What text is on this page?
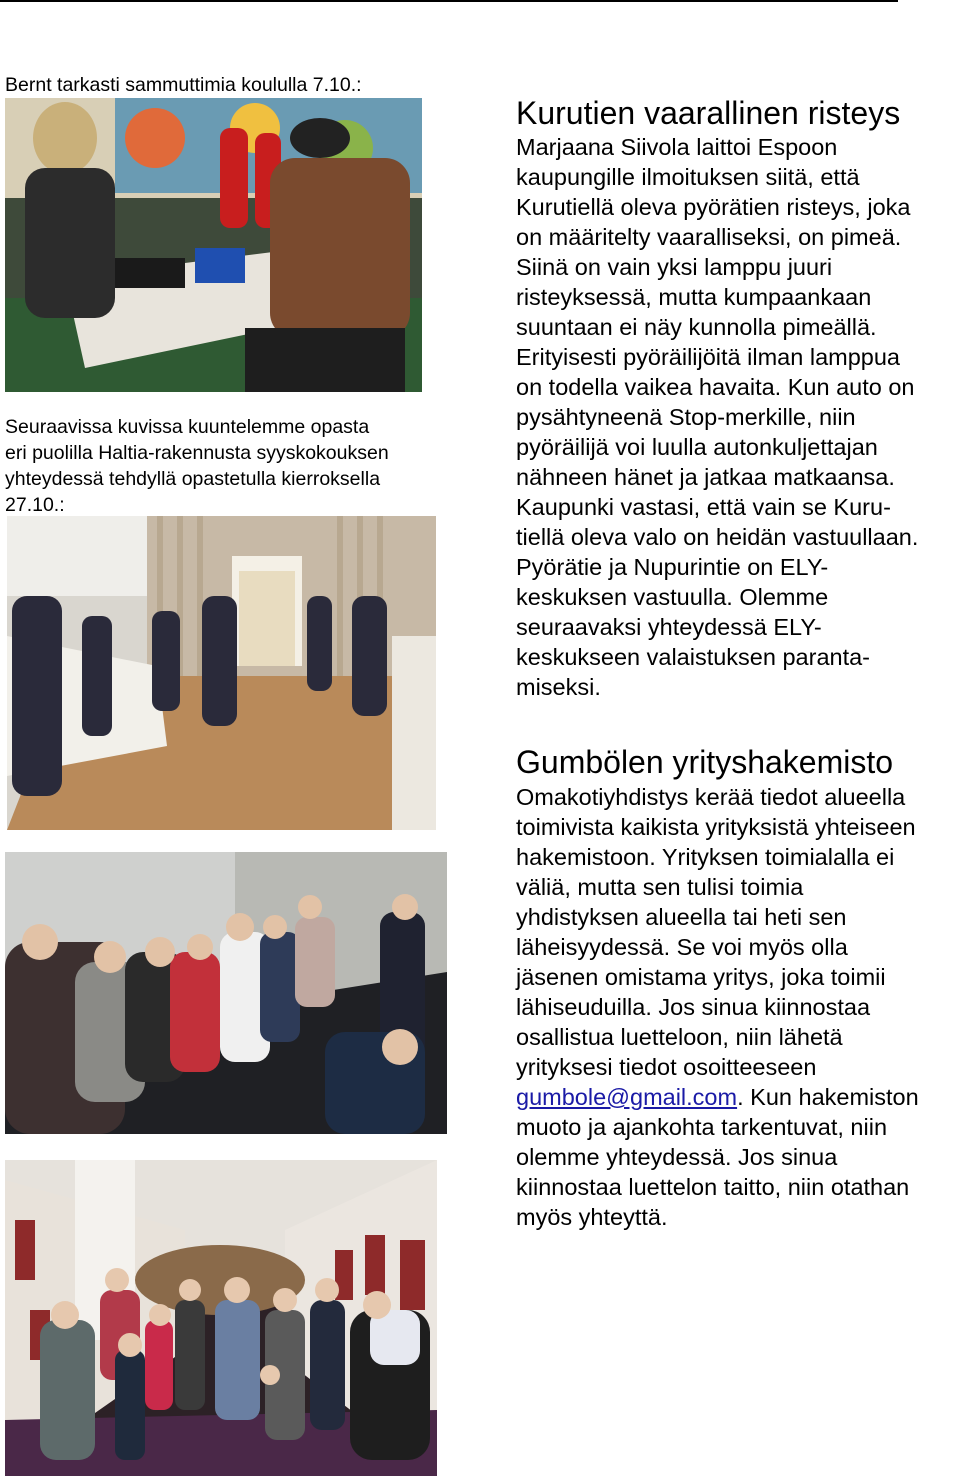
Bernt tarkasti sammuttimia koululla 7.10.:

Seuraavissa kuvissa kuuntelemme opasta
eri puolilla Haltia-rakennusta syyskokouksen
yhteydessä tehdyllä opastetulla kierroksella
27.10.:
Kurutien vaarallinen risteys
Marjaana Siivola laittoi Espoon
kaupungille ilmoituksen siitä, että
Kurutiellä oleva pyörätien risteys, joka
on määritelty vaaralliseksi, on pimeä.
Siinä on vain yksi lamppu juuri
risteyksessä, mutta kumpaankaan
suuntaan ei näy kunnolla pimeällä.
Erityisesti pyöräilijöitä ilman lamppua
on todella vaikea havaita. Kun auto on
pysähtyneenä Stop-merkille, niin
pyöräilijä voi luulla autonkuljettajan
nähneen hänet ja jatkaa matkaansa.
Kaupunki vastasi, että vain se Kuru-
tiellä oleva valo on heidän vastuullaan.
Pyörätie ja Nupurintie on ELY-
keskuksen vastuulla. Olemme
seuraavaksi yhteydessä ELY-
keskukseen valaistuksen paranta-
miseksi.
Gumbölen yrityshakemisto
Omakotiyhdistys kerää tiedot alueella
toimivista kaikista yrityksistä yhteiseen
hakemistoon. Yrityksen toimialalla ei
väliä, mutta sen tulisi toimia
yhdistyksen alueella tai heti sen
läheisyydessä. Se voi myös olla
jäsenen omistama yritys, joka toimii
lähiseuduilla. Jos sinua kiinnostaa
osallistua luetteloon, niin lähetä
yrityksesi tiedot osoitteeseen
gumbole@gmail.com. Kun hakemiston
muoto ja ajankohta tarkentuvat, niin
olemme yhteydessä. Jos sinua
kiinnostaa luettelon taitto, niin otathan
myös yhteyttä.
